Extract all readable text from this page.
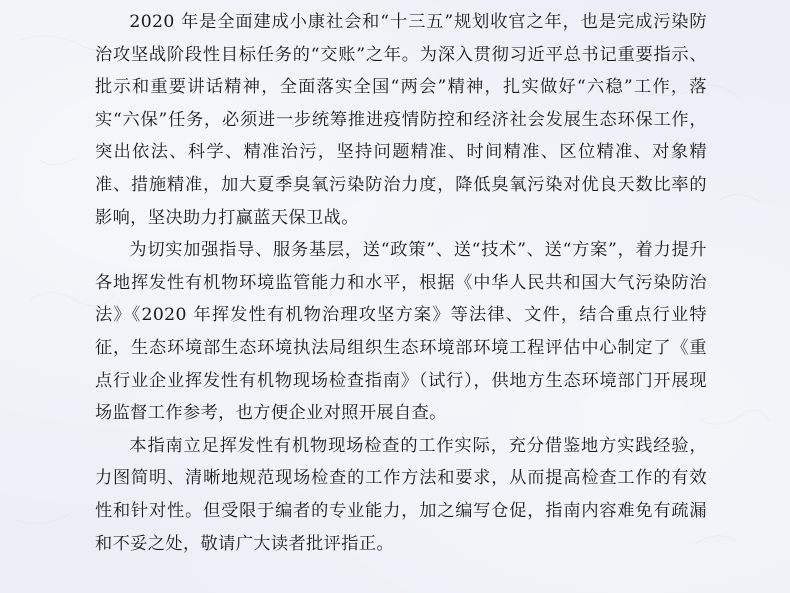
2020 年是全面建成小康社会和“十三五”规划收官之年，也是完成污染防治攻坚战阶段性目标任务的“交账”之年。为深入贯彻习近平总书记重要指示、批示和重要讲话精神，全面落实全国“两会”精神，扎实做好“六稳”工作，落实“六保”任务，必须进一步统筹推进疫情防控和经济社会发展生态环保工作，突出依法、科学、精准治污，坚持问题精准、时间精准、区位精准、对象精准、措施精准，加大夏季臭氧污染防治力度，降低臭氧污染对优良天数比率的影响，坚决助力打赢蓝天保卫战。

为切实加强指导、服务基层，送“政策”、送“技术”、送“方案”，着力提升各地挥发性有机物环境监管能力和水平，根据《中华人民共和国大气污染防治法》《2020 年挥发性有机物治理攻坚方案》等法律、文件，结合重点行业特征，生态环境部生态环境执法局组织生态环境部环境工程评估中心制定了《重点行业企业挥发性有机物现场检查指南》（试行），供地方生态环境部门开展现场监督工作参考，也方便企业对照开展自查。

本指南立足挥发性有机物现场检查的工作实际，充分借鉴地方实践经验，力图简明、清晰地规范现场检查的工作方法和要求，从而提高检查工作的有效性和针对性。但受限于编者的专业能力，加之编写仓促，指南内容难免有疏漏和不妥之处，敬请广大读者批评指正。
